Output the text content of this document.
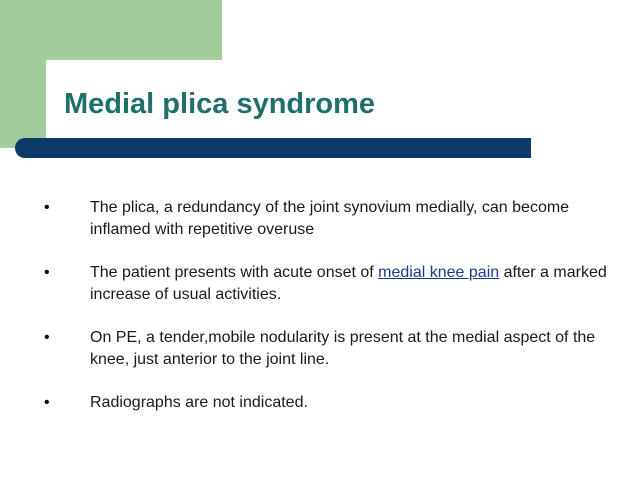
Medial plica syndrome
•	The plica, a redundancy of the joint synovium medially, can become inflamed with repetitive overuse
•	The patient presents with acute onset of medial knee pain after a marked increase of usual activities.
•	On PE, a tender,mobile nodularity is present at the medial aspect of the knee, just anterior to the joint line.
•	Radiographs are not indicated.
